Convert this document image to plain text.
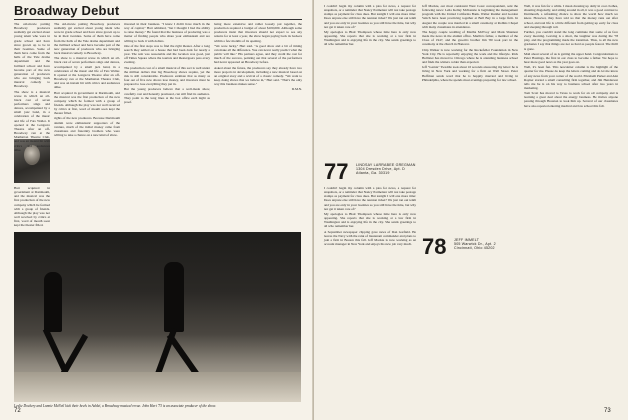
Broadway Debut

The old-movie putting Broadway producers suddenly get excited about young talent who were in grade school and have since grown up to be in their twenties. Some of them have come from the halls of the Yale drama department and the Juilliard school and have become part of the new generation of producers who are bringing back musical comedy to Broadway.

The show is a musical revue in which an all-black cast of seven performers sings and dances, accompanied by a small jazz band, in a celebration of the music and life of Fats Waller. It opened at the Longacre Theatre after an off-Broadway run at the Manhattan Theatre Club, and was an instant hit with critics and audiences alike.

Hart acquired in government at Dartmouth, and the musical was the first production of the new company which he formed with a group of friends. Although the play was not well received by critics at first, word of mouth soon kept the theater filled.

rights of the new producers. Because Dartmouth alumni were enthusiastic supporters of the venture, much of the initial money came from classmates and fraternity brothers who were willing to take a chance on a new kind of show.

Hart acquired in government at Dartmouth, and the musical was the first production of the new company which he formed with a group of friends. Although the play was not well received by critics at first, word of mouth soon kept the theater filled.

The old-movie putting Broadway producers suddenly get excited about young talent who were in grade school and have since grown up to be in their twenties. Some of them have come from the halls of the Yale drama department and the Juilliard school and have become part of the new generation of producers who are bringing back musical comedy to Broadway.

The show is a musical revue in which an all-black cast of seven performers sings and dances, accompanied by a small jazz band, in a celebration of the music and life of Fats Waller. It opened at the Longacre Theatre after an off-Broadway run at the Manhattan Theatre Club, and was an instant hit with critics and audiences alike.

invested in their business. "I knew I didn't have much in the way of capital," Hart admitted, "but I thought I had the ability to raise money." He found that the business of producing was a matter of finding people who share your enthusiasm and are willing to back it with dollars.

One of the first steps was to find the right theater. After a long search they settled on a house that had been dark for nearly a year. The rent was reasonable and the location was good, just off Times Square where the tourists and theatergoers pass every evening.

The production cost of a small musical of this sort is well under the million dollars that big Broadway shows require, yet the risk is still considerable. Producers estimate that as many as four out of five new shows lose money, and investors must be prepared to lose everything they put in.

But the young producers believe that a well-made show, carefully cast and honestly promoted, can still find its audience. They point to the long lines at the box office each night as proof.

being more extensive and rather loosely put together, the production required a budget of about $100,000. Although some producers insist that investors should not expect to see any returns for at least a year, the show began paying back its backers within a few months of its opening.

"We were lucky," Hart said. "A good show and a bit of timing can make all the difference. You can never really predict what the public will like." His partners agree, and they credit the cast for much of the success, pointing out that several of the performers had never appeared on Broadway before.

Asked about the future, the producers say they already have two more projects in development, including a new musical based on an original story and a revival of a classic comedy. "We want to keep doing shows that we believe in," Hart said. "That's the only way this business makes sense."

D.M.N.

Leslie Dockery and Lonnie McNeil kick their heels in Ashbé, a Broadway musical revue. John Hart '73 is an associate producer of the show.
72

I couldn't begin my column with a plea for news, a request for snapshots, or a reminder that Nancy Parmenter will not take postage stamps as payment for class dues. But tonight I will one more time: Does anyone else still have the reunion ticket? We just ran out tenth and you are only in your twenties so you still have the time, but why not get it taken care of?

My apologies to Blair Thompson whose time here is only now appearing. She reports that she is working at a law firm in Washington and is enjoying life in the city. She sends greetings to all who remember her.

77 LINDSAY LARRABEE GREGMAN
1304 Dresden Drive, Apt. D
Atlanta, Ga. 30319

I couldn't begin my column with a plea for news, a request for snapshots, or a reminder that Nancy Parmenter will not take postage stamps as payment for class dues. But tonight I will one more time: Does anyone else still have the reunion ticket? We just ran out tenth and you are only in your twenties so you still have the time, but why not get it taken care of?

My apologies to Blair Thompson whose time here is only now appearing. She reports that she is working at a law firm in Washington and is enjoying life in the city. She sends greetings to all who remember her.

A September newspaper clipping gave news of Dan Garfield. He leaves the Navy with the rank of lieutenant commander and plans to join a firm in Boston this fall. Jeff Mackie is now working as an account manager in New York and enjoys his new job very much.

Jeff Mackie, our most consistent West Coast correspondent, sent the following news: Leila Kelley McKenzie is beginning the management program with the United California Bank. Walter Rudder and Gordon Veitch have been practicing together at Bell Bay in a large firm. In August the couple was married in a small ceremony at Rollins Chapel with many classmates in attendance.

The happy couple wedding of Martha McEvoy and Mark Shannon made the news in the alumni office. Martha's father, a member of the Class of 1947, and the groom's brother Jim '80 took part in the ceremony at the church in Hanover.

Chip Walker is now working for the Rockefeller Foundation in New York City. He is reportedly enjoying the work and the lifestyle. Rick Hollister has moved to Chicago where he is attending business school and finds the winters colder than expected.

Jeff "Garnie" Twaddle took about 10 seconds answering my letter: he is living in New York and working for a firm on Wall Street. Peter Hoffman sends word that he is happily married and living in Philadelphia, where he spends most evenings preparing for law school.

78 JEFF IMMELT
505 Warwick Dr., Apt. 2
Cincinnati, Ohio 45202

Well, it was fun for a while. I mean dressing up daily in coat clothes, shouting diagonally, and sitting around in all, it was a good contrast to Dartmouth, a refreshing chance to show the world how much we knew. However, they have told us that the money runs out after school, and real life is a little different from getting up early for class and sleeping through roll.

Further, you couldn't stand the long commute that some of us face every morning. Leaving is a short, the laughter was during the '78 play, and the programming made the transition. Thus, to all the new graduates I say that things are not as hard as people feared. The thrill is gone.

Mail about several of us is getting the upper hand. Congratulations to Peter Hastings, the first in our class to become a father. We hope to hear more good news as the year goes on.

Well, it's been fun. This newsletter column is the highlight of the quarter for me. Please do keep the letters coming and do let me know of any news from your corner of the world. Elizabeth Parker and Ann Rayner started a small consulting firm together, and Jim Henderson tells me he is on his way to business school after two years in marketing.

Tom Scott has moved to Texas to work for an oil company and is learning a great deal about the energy business. He invites anyone passing through Houston to look him up. Several of our classmates have also reported entering medical and law school this fall.

73
